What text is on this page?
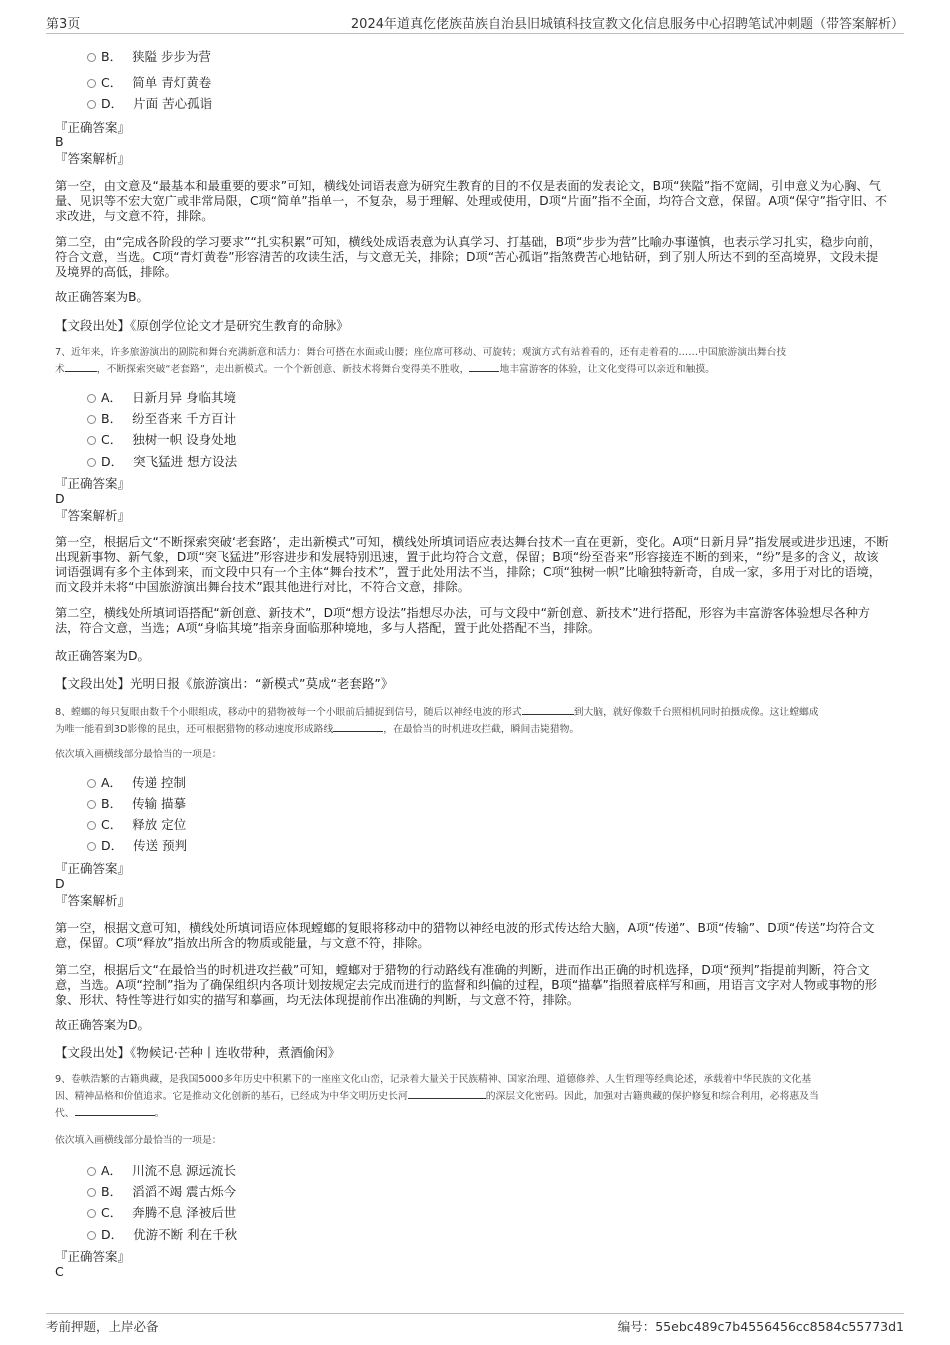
第3页	2024年道真仡佬族苗族自治县旧城镇科技宣教文化信息服务中心招聘笔试冲刺题（带答案解析）
B． 狭隘 步步为营
C． 简单 青灯黄卷
D． 片面 苦心孤诣
『正确答案』
B
『答案解析』
第一空，由文意及“最基本和最重要的要求”可知，横线处词语表意为研究生教育的目的不仅是表面的发表论文，B项“狭隘”指不宽阔，引申意义为心胸、气量、见识等不宏大宽广或非常局限，C项“简单”指单一，不复杂，易于理解、处理或使用，D项“片面”指不全面，均符合文意，保留。A项“保守”指守旧、不求改进，与文意不符，排除。
第二空，由“完成各阶段的学习要求”“扎实积累”可知，横线处成语表意为认真学习、打基础，B项“步步为营”比喻办事谨慎，也表示学习扎实，稳步向前，符合文意，当选。C项“青灯黄卷”形容清苦的攻读生活，与文意无关，排除；D项“苦心孤诣”指煞费苦心地钻研，到了别人所达不到的至高境界，文段未提及境界的高低，排除。
故正确答案为B。
【文段出处】《原创学位论文才是研究生教育的命脉》
7、近年来，许多旅游演出的剧院和舞台充满新意和活力：舞台可搭在水面或山腰；座位席可移动、可旋转；观演方式有站着看的，还有走着看的……中国旅游演出舞台技
术	，不断探索突破“老套路”，走出新模式。一个个新创意、新技术将舞台变得美不胜收，	地丰富游客的体验，让文化变得可以亲近和触摸。
A． 日新月异 身临其境
B． 纷至沓来 千方百计
C． 独树一帜 设身处地
D． 突飞猛进 想方设法
『正确答案』
D
『答案解析』
第一空，根据后文“不断探索突破‘老套路’，走出新模式”可知，横线处所填词语应表达舞台技术一直在更新，变化。A项“日新月异”指发展或进步迅速，不断出现新事物、新气象，D项“突飞猛进”形容进步和发展特别迅速，置于此均符合文意，保留；B项“纷至沓来”形容接连不断的到来，“纷”是多的含义，故该词语强调有多个主体到来，而文段中只有一个主体“舞台技术”，置于此处用法不当，排除；C项“独树一帜”比喻独特新奇，自成一家，多用于对比的语境，而文段并未将“中国旅游演出舞台技术”跟其他进行对比，不符合文意，排除。
第二空，横线处所填词语搭配“新创意、新技术”，D项“想方设法”指想尽办法，可与文段中“新创意、新技术”进行搭配，形容为丰富游客体验想尽各种方法，符合文意，当选；A项“身临其境”指亲身面临那种境地，多与人搭配，置于此处搭配不当，排除。
故正确答案为D。
【文段出处】光明日报《旅游演出：“新模式”莫成“老套路”》
8、螳螂的每只复眼由数千个小眼组成，移动中的猎物被每一个小眼前后捕捉到信号，随后以神经电波的形式	到大脑，就好像数千台照相机同时拍摄成像。这让螳螂成
为唯一能看到3D影像的昆虫，还可根据猎物的移动速度形成路线	，在最恰当的时机进攻拦截，瞬间击毙猎物。
依次填入画横线部分最恰当的一项是：
A． 传递 控制
B． 传输 描摹
C． 释放 定位
D． 传送 预判
『正确答案』
D
『答案解析』
第一空，根据文意可知，横线处所填词语应体现螳螂的复眼将移动中的猎物以神经电波的形式传达给大脑，A项“传递”、B项“传输”、D项“传送”均符合文意，保留。C项“释放”指放出所含的物质或能量，与文意不符，排除。
第二空，根据后文“在最恰当的时机进攻拦截”可知，螳螂对于猎物的行动路线有准确的判断，进而作出正确的时机选择，D项“预判”指提前判断，符合文意，当选。A项“控制”指为了确保组织内各项计划按规定去完成而进行的监督和纠偏的过程，B项“描摹”指照着底样写和画，用语言文字对人物或事物的形象、形状、特性等进行如实的描写和摹画，均无法体现提前作出准确的判断，与文意不符，排除。
故正确答案为D。
【文段出处】《物候记·芒种丨连收带种，煮酒偷闲》
9、卷帙浩繁的古籍典藏，是我国5000多年历史中积累下的一座座文化山峦，记录着大量关于民族精神、国家治理、道德修养、人生哲理等经典论述，承载着中华民族的文化基
因、精神品格和价值追求。它是推动文化创新的基石，已经成为中华文明历史长河	的深层文化密码。因此，加强对古籍典藏的保护修复和综合利用，必将惠及当
代、	。
依次填入画横线部分最恰当的一项是：
A． 川流不息 源远流长
B． 滔滔不竭 震古烁今
C． 奔腾不息 泽被后世
D． 优游不断 利在千秋
『正确答案』
C
考前押题，上岸必备	编号：55ebc489c7b4556456cc8584c55773d1
